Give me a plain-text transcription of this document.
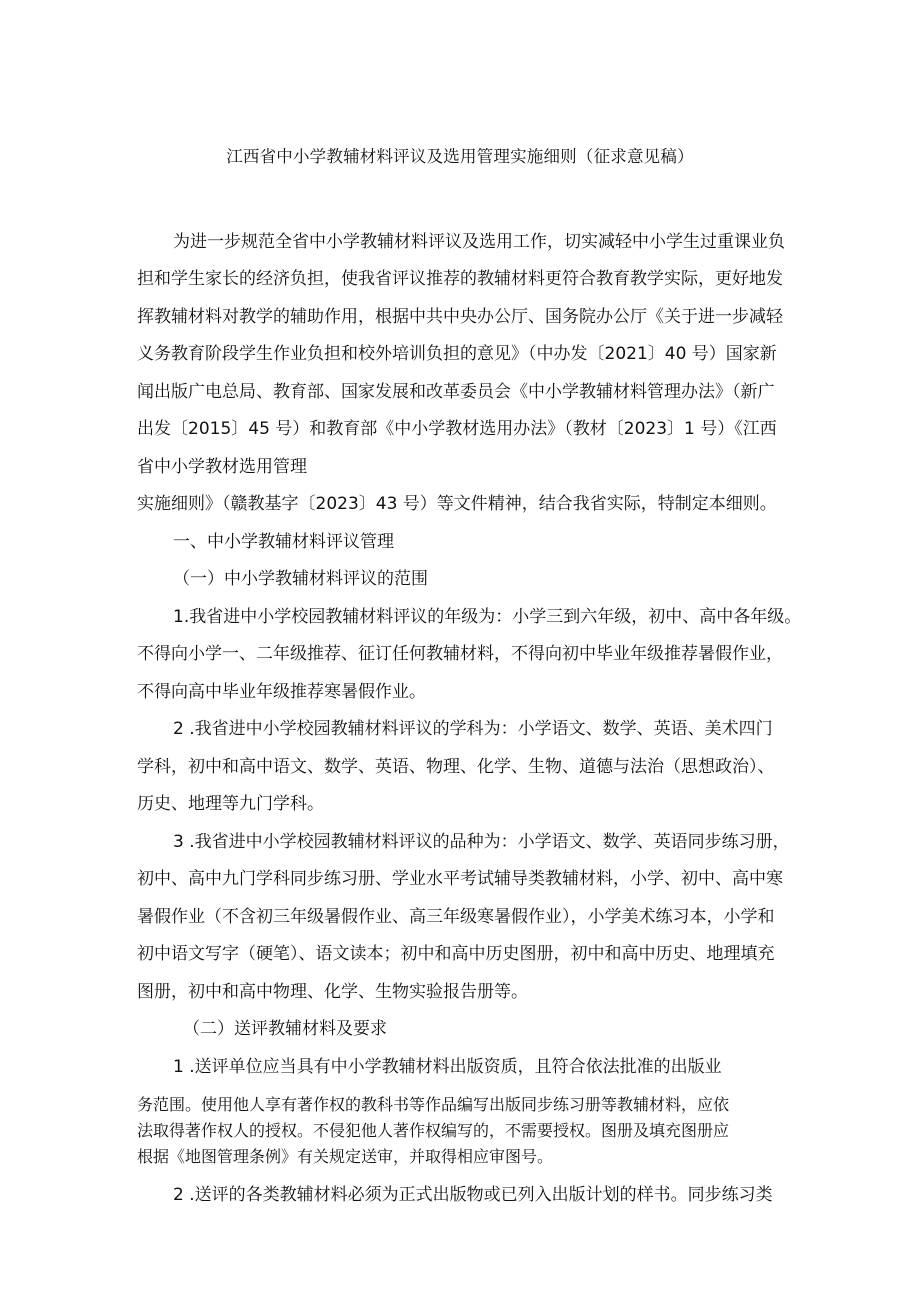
江西省中小学教辅材料评议及选用管理实施细则（征求意见稿）
为进一步规范全省中小学教辅材料评议及选用工作，切实减轻中小学生过重课业负
担和学生家长的经济负担，使我省评议推荐的教辅材料更符合教育教学实际，更好地发
挥教辅材料对教学的辅助作用，根据中共中央办公厅、国务院办公厅《关于进一步减轻
义务教育阶段学生作业负担和校外培训负担的意见》（中办发〔2021〕40 号）国家新
闻出版广电总局、教育部、国家发展和改革委员会《中小学教辅材料管理办法》（新广
出发〔2015〕45 号）和教育部《中小学教材选用办法》（教材〔2023〕1 号）《江西
省中小学教材选用管理
实施细则》（赣教基字〔2023〕43 号）等文件精神，结合我省实际，特制定本细则。
一、中小学教辅材料评议管理
（一）中小学教辅材料评议的范围
1.我省进中小学校园教辅材料评议的年级为：小学三到六年级，初中、高中各年级。
不得向小学一、二年级推荐、征订任何教辅材料，不得向初中毕业年级推荐暑假作业，
不得向高中毕业年级推荐寒暑假作业。
2 .我省进中小学校园教辅材料评议的学科为：小学语文、数学、英语、美术四门
学科，初中和高中语文、数学、英语、物理、化学、生物、道德与法治（思想政治）、
历史、地理等九门学科。
3 .我省进中小学校园教辅材料评议的品种为：小学语文、数学、英语同步练习册，
初中、高中九门学科同步练习册、学业水平考试辅导类教辅材料，小学、初中、高中寒
暑假作业（不含初三年级暑假作业、高三年级寒暑假作业），小学美术练习本，小学和
初中语文写字（硬笔）、语文读本；初中和高中历史图册，初中和高中历史、地理填充
图册，初中和高中物理、化学、生物实验报告册等。
（二）送评教辅材料及要求
1 .送评单位应当具有中小学教辅材料出版资质，且符合依法批准的出版业
务范围。使用他人享有著作权的教科书等作品编写出版同步练习册等教辅材料，应依
法取得著作权人的授权。不侵犯他人著作权编写的，不需要授权。图册及填充图册应
根据《地图管理条例》有关规定送审，并取得相应审图号。
2 .送评的各类教辅材料必须为正式出版物或已列入出版计划的样书。同步练习类
